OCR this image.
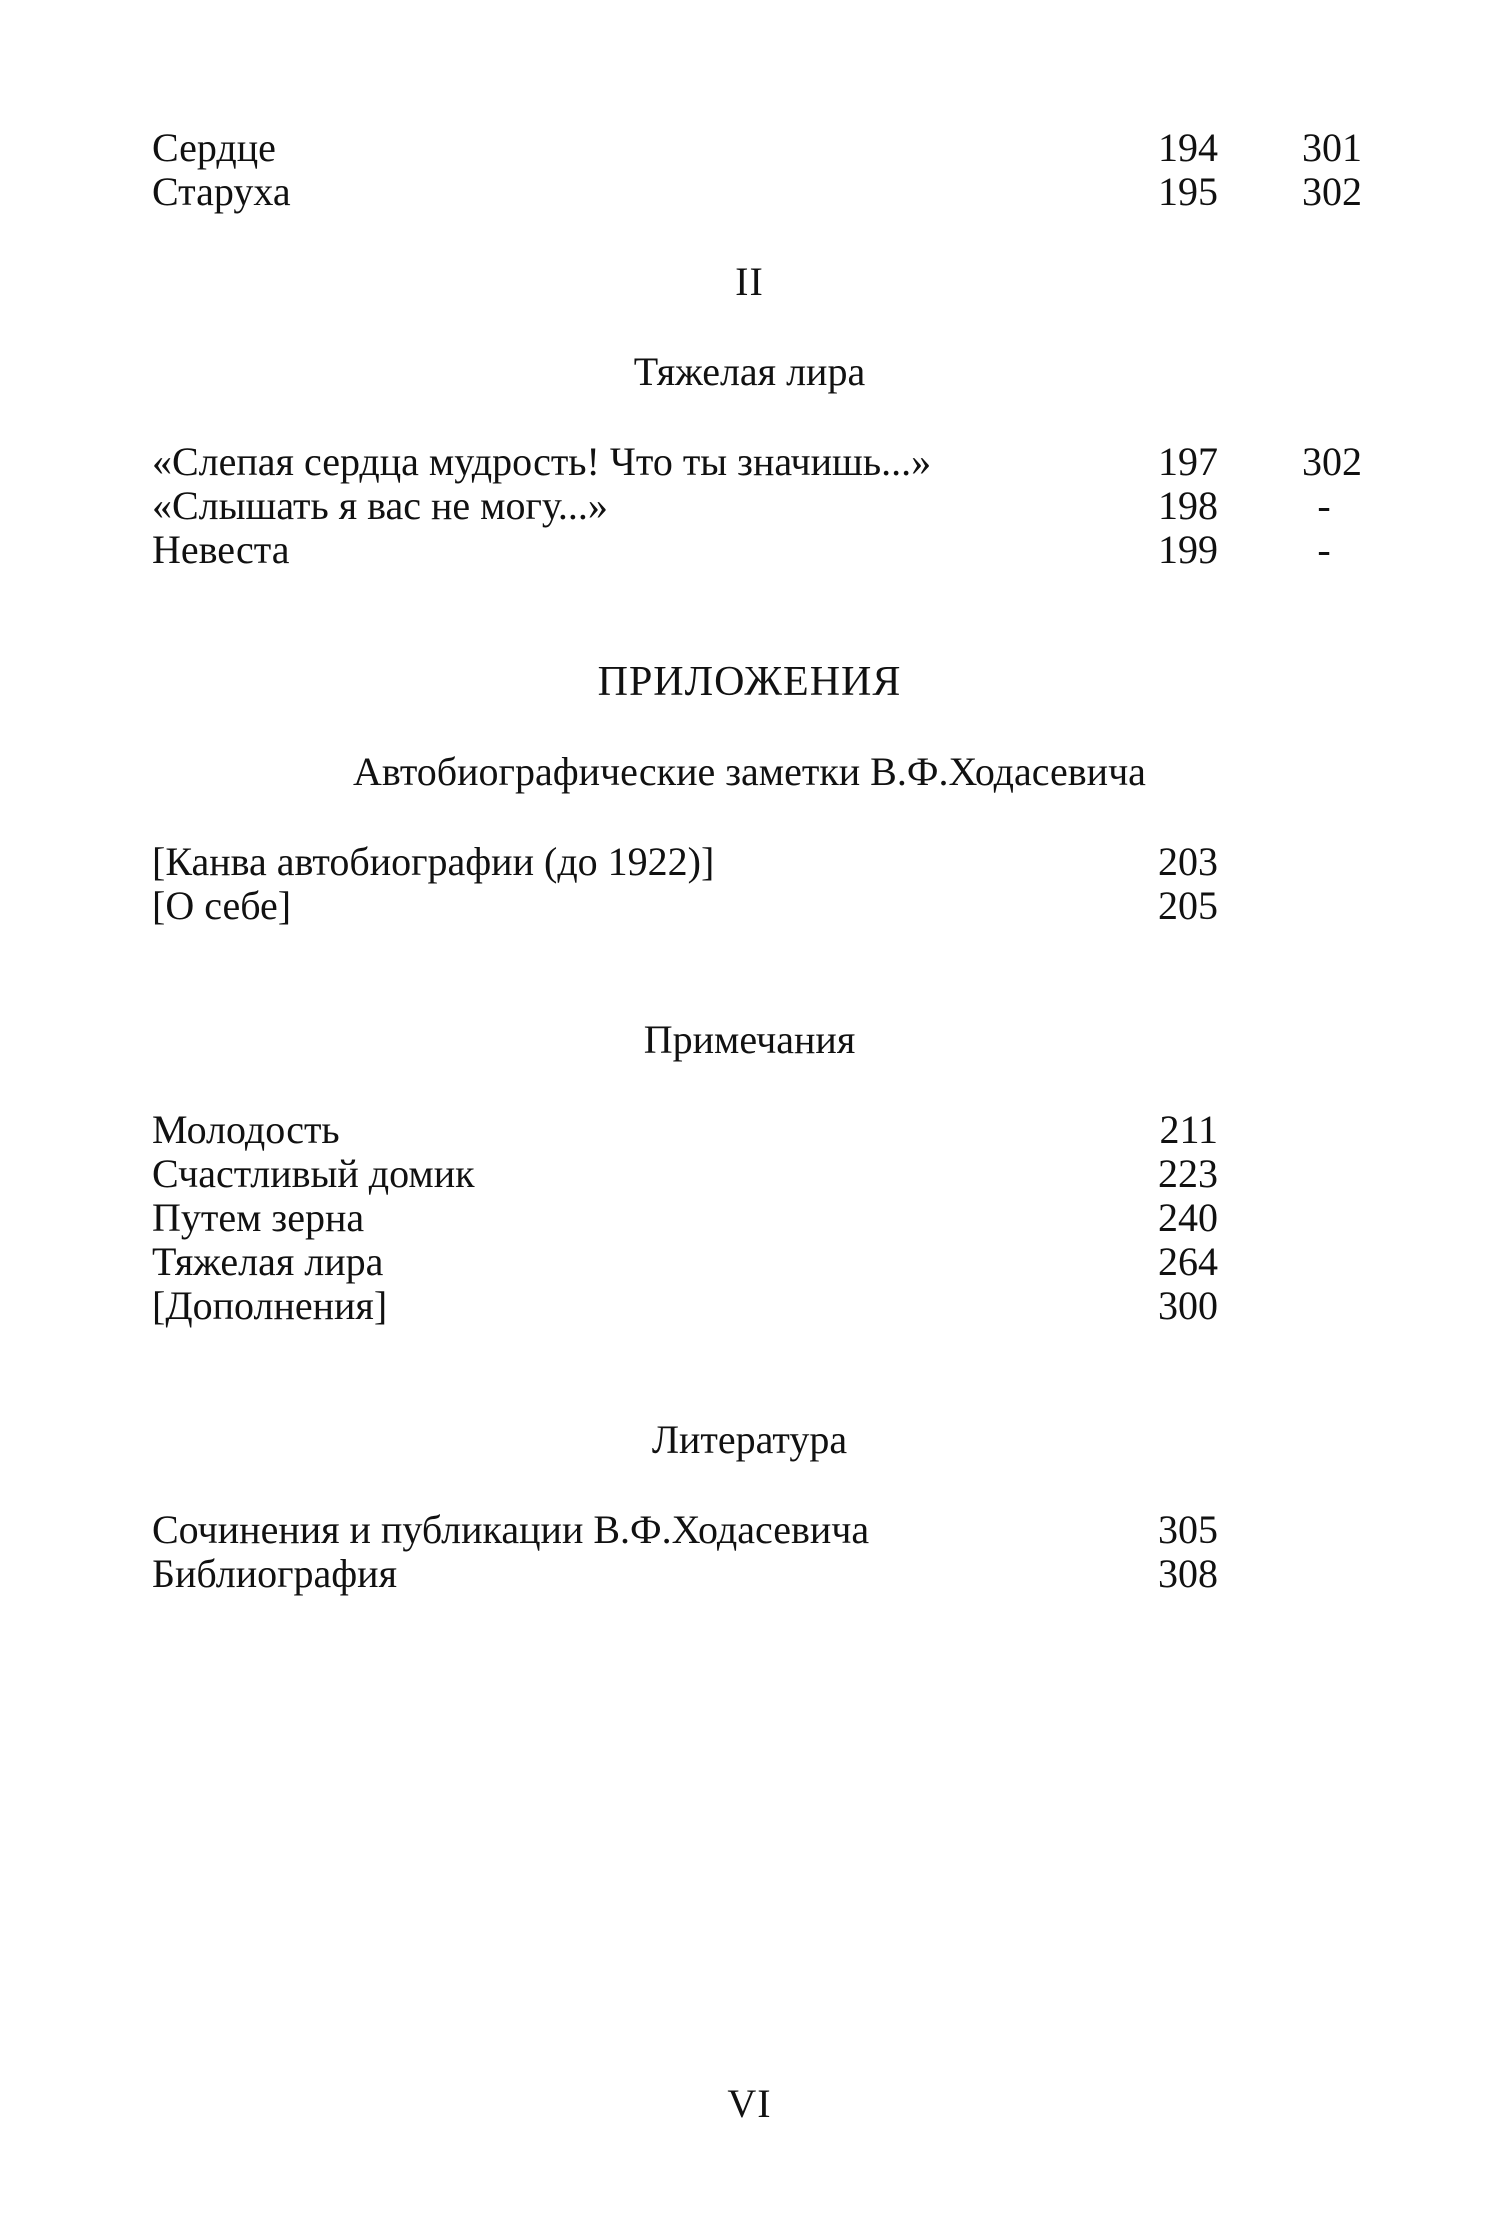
Сердце	194	301
Старуха	195	302
II
Тяжелая лира
«Слепая сердца мудрость! Что ты значишь...»	197	302
«Слышать я вас не могу...»	198	-
Невеста	199	-
ПРИЛОЖЕНИЯ
Автобиографические заметки В.Ф.Ходасевича
[Канва автобиографии (до 1922)]	203
[О себе]	205
Примечания
Молодость	211
Счастливый домик	223
Путем зерна	240
Тяжелая лира	264
[Дополнения]	300
Литература
Сочинения и публикации В.Ф.Ходасевича	305
Библиография	308
VI
